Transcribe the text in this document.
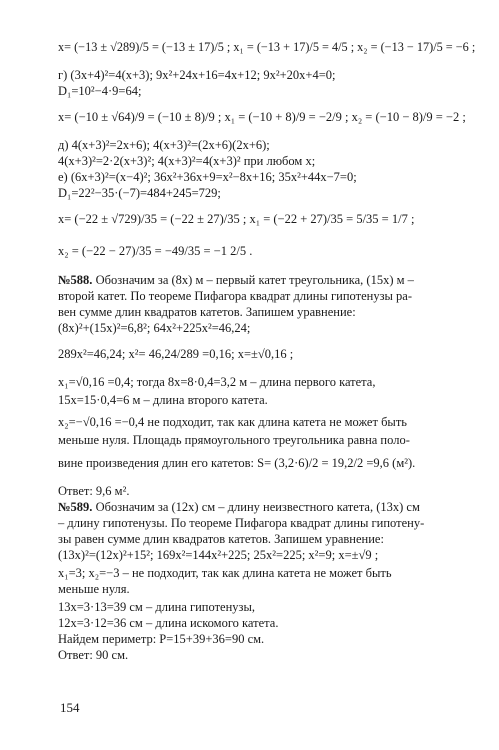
x= (−13 ± √289)/5 = (−13 ± 17)/5 ; x₁ = (−13 + 17)/5 = 4/5 ; x₂ = (−13 − 17)/5 = −6 ;
г) (3x+4)²=4(x+3); 9x²+24x+16=4x+12; 9x²+20x+4=0;
D₁=10²−4·9=64;
x= (−10 ± √64)/9 = (−10 ± 8)/9 ; x₁ = (−10 + 8)/9 = −2/9 ; x₂ = (−10 − 8)/9 = −2 ;
д) 4(x+3)²=2x+6); 4(x+3)²=(2x+6)(2x+6);
4(x+3)²=2·2(x+3)²; 4(x+3)²=4(x+3)² при любом x;
е) (6x+3)²=(x−4)²; 36x²+36x+9=x²−8x+16; 35x²+44x−7=0;
D₁=22²−35·(−7)=484+245=729;
x= (−22 ± √729)/35 = (−22 ± 27)/35 ; x₁ = (−22 + 27)/35 = 5/35 = 1/7 ;
x₂ = (−22 − 27)/35 = −49/35 = −1 2/5 .
№588. Обозначим за (8x) м – первый катет треугольника, (15x) м –
второй катет. По теореме Пифагора квадрат длины гипотенузы ра-
вен сумме длин квадратов катетов. Запишем уравнение:
(8x)²+(15x)²=6,8²; 64x²+225x²=46,24;
289x²=46,24; x²= 46,24/289 =0,16; x=±√0,16 ;
x₁=√0,16 =0,4; тогда 8x=8·0,4=3,2 м – длина первого катета,
15x=15·0,4=6 м – длина второго катета.
x₂=−√0,16 =−0,4 не подходит, так как длина катета не может быть
меньше нуля. Площадь прямоугольного треугольника равна поло-
вине произведения длин его катетов: S= (3,2·6)/2 = 19,2/2 =9,6 (м²).
Ответ: 9,6 м².
№589. Обозначим за (12x) см – длину неизвестного катета, (13x) см
– длину гипотенузы. По теореме Пифагора квадрат длины гипотену-
зы равен сумме длин квадратов катетов. Запишем уравнение:
(13x)²=(12x)²+15²; 169x²=144x²+225; 25x²=225; x²=9; x=±√9 ;
x₁=3; x₂=−3 – не подходит, так как длина катета не может быть
меньше нуля.
13x=3·13=39 см – длина гипотенузы,
12x=3·12=36 см – длина искомого катета.
Найдем периметр: P=15+39+36=90 см.
Ответ: 90 см.
154
